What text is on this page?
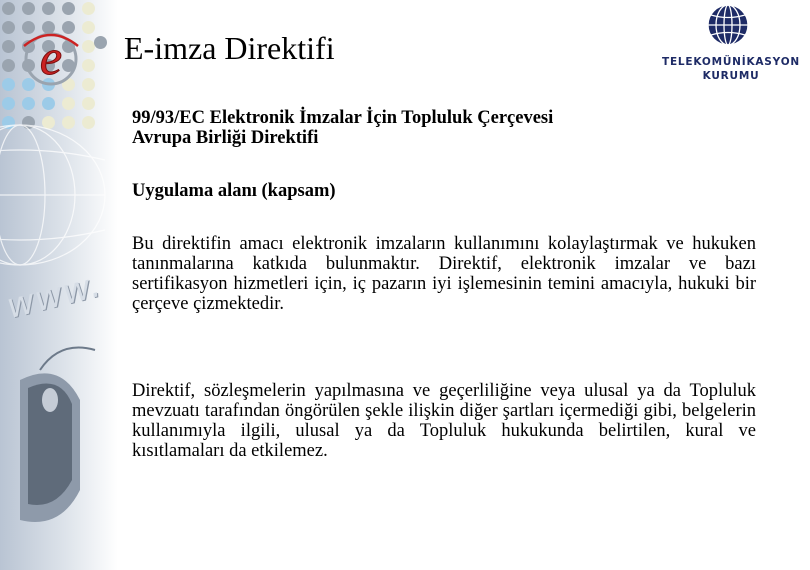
www.
e E-imza Direktifi	TELEKOMÜNİKASYON
KURUMU
99/93/EC Elektronik İmzalar İçin Topluluk Çerçevesi
Avrupa Birliği Direktifi
Uygulama alanı (kapsam)
Bu direktifin amacı elektronik imzaların kullanımını kolaylaştırmak ve hukuken tanınmalarına katkıda bulunmaktır. Direktif, elektronik imzalar ve bazı sertifikasyon hizmetleri için, iç pazarın iyi işlemesinin temini amacıyla, hukuki bir çerçeve çizmektedir.
Direktif, sözleşmelerin yapılmasına ve geçerliliğine veya ulusal ya da Topluluk mevzuatı tarafından öngörülen şekle ilişkin diğer şartları içermediği gibi, belgelerin kullanımıyla ilgili, ulusal ya da Topluluk hukukunda belirtilen, kural ve kısıtlamaları da etkilemez.
